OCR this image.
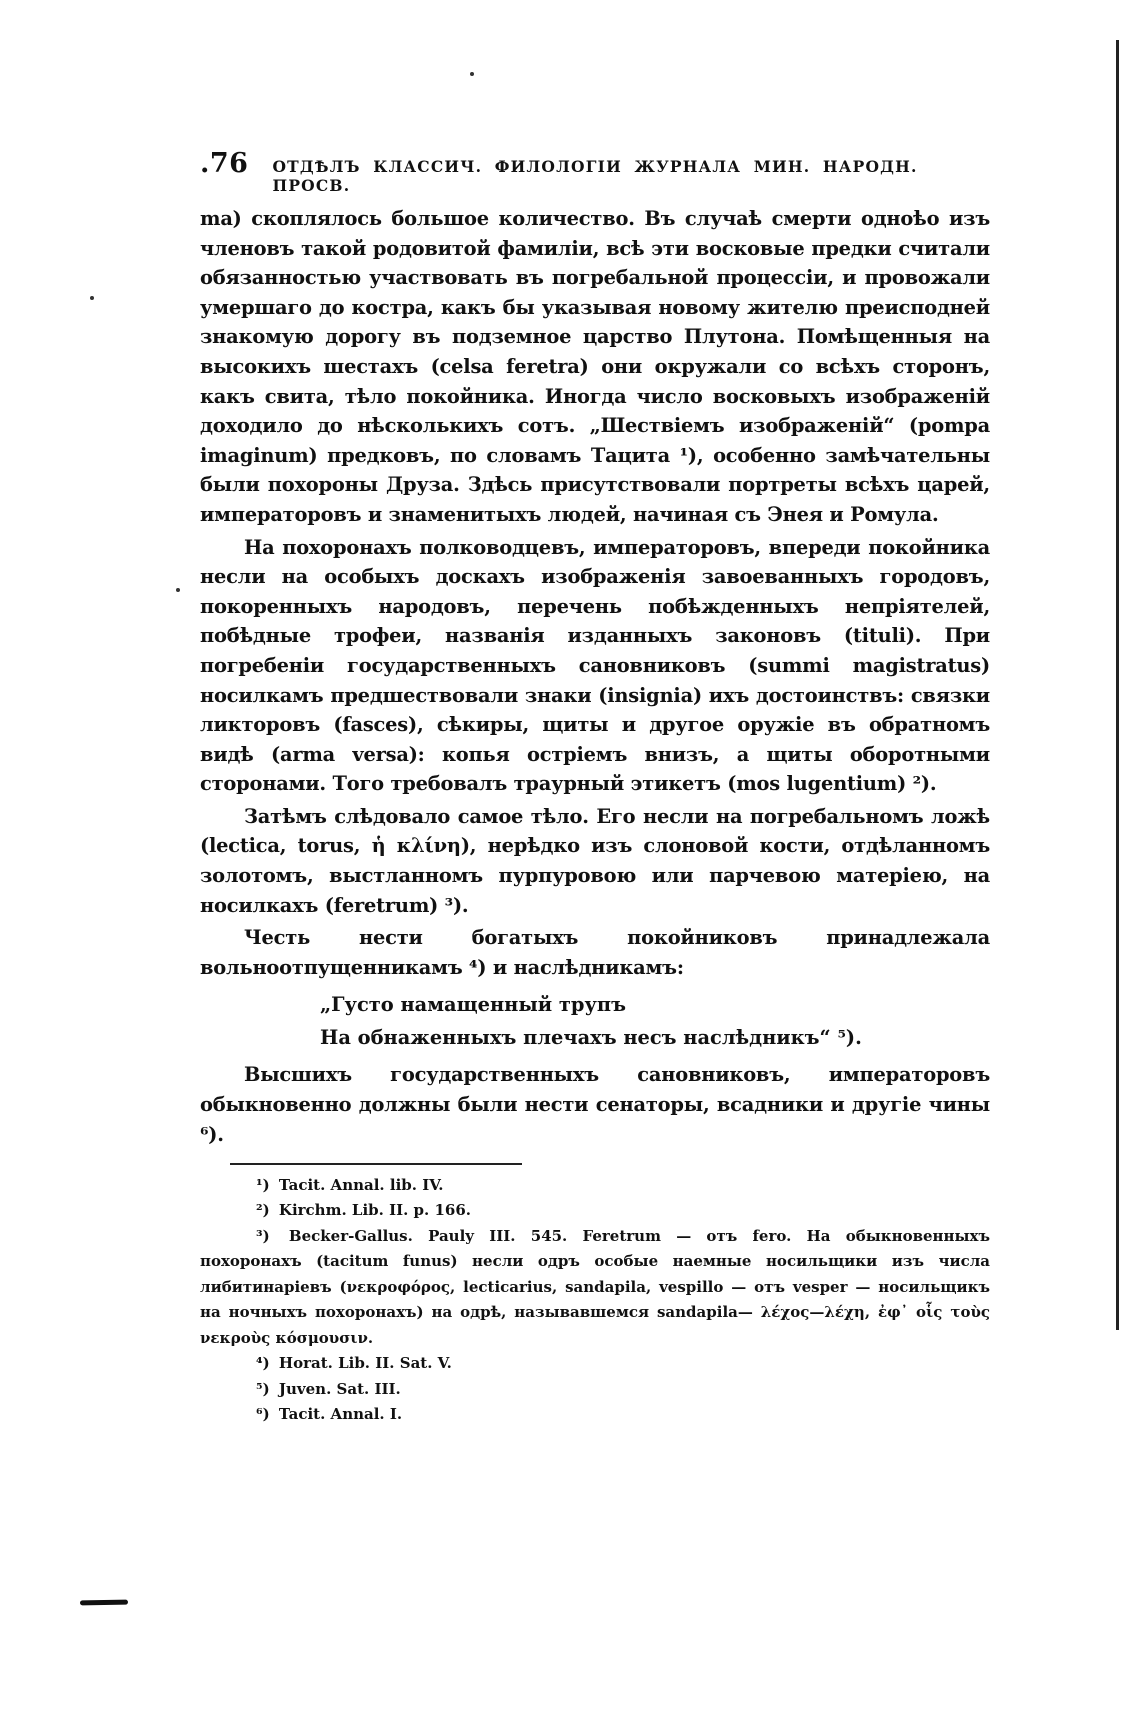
.76 ОТДѢЛЪ КЛАССИЧ. ФИЛОЛОГІИ ЖУРНАЛА МИН. НАРОДН. ПРОСВ.

ma) скоплялось большое количество. Въ случаѣ смерти одноѣо изъ членовъ такой родовитой фамиліи, всѣ эти восковые предки считали обязанностью участвовать въ погребальной процессіи, и провожали умершаго до костра, какъ бы указывая новому жителю преисподней знакомую дорогу въ подземное царство Плутона. Помѣщенныя на высокихъ шестахъ (celsa feretra) они окружали со всѣхъ сторонъ, какъ свита, тѣло покойника. Иногда число восковыхъ изображеній доходило до нѣсколькихъ сотъ. „Шествіемъ изображеній“ (pompa imaginum) предковъ, по словамъ Тацита ¹), особенно замѣчательны были похороны Друза. Здѣсь присутствовали портреты всѣхъ царей, императоровъ и знаменитыхъ людей, начиная съ Энея и Ромула.

На похоронахъ полководцевъ, императоровъ, впереди покойника несли на особыхъ доскахъ изображенія завоеванныхъ городовъ, покоренныхъ народовъ, перечень побѣжденныхъ непріятелей, побѣдные трофеи, названія изданныхъ законовъ (tituli). При погребеніи государственныхъ сановниковъ (summi magistratus) носилкамъ предшествовали знаки (insignia) ихъ достоинствъ: связки ликторовъ (fasces), сѣкиры, щиты и другое оружіе въ обратномъ видѣ (arma versa): копья остріемъ внизъ, а щиты оборотными сторонами. Того требовалъ траурный этикетъ (mos lugentium) ²).

Затѣмъ слѣдовало самое тѣло. Его несли на погребальномъ ложѣ (lectica, torus, ἡ κλίνη), нерѣдко изъ слоновой кости, отдѣланномъ золотомъ, выстланномъ пурпуровою или парчевою матеріею, на носилкахъ (feretrum) ³).

Честь нести богатыхъ покойниковъ принадлежала вольноотпущенникамъ ⁴) и наслѣдникамъ:

„Густо намащенный трупъ
На обнаженныхъ плечахъ несъ наслѣдникъ“ ⁵).

Высшихъ государственныхъ сановниковъ, императоровъ обыкновенно должны были нести сенаторы, всадники и другіе чины ⁶).

¹) Tacit. Annal. lib. IV.
²) Kirchm. Lib. II. p. 166.
³) Becker-Gallus. Pauly III. 545. Feretrum — отъ fero. На обыкновенныхъ похоронахъ (tacitum funus) несли одръ особые наемные носильщики изъ числа либитинаріевъ (νεκροφόρος, lecticarius, sandapila, vespillo — отъ vesper — носильщикъ на ночныхъ похоронахъ) на одрѣ, называвшемся sandapila— λέχος—λέχη, ἐφ᾽ οἷς τοὺς νεκροὺς κόσμουσιν.
⁴) Horat. Lib. II. Sat. V.
⁵) Juven. Sat. III.
⁶) Tacit. Annal. I.
